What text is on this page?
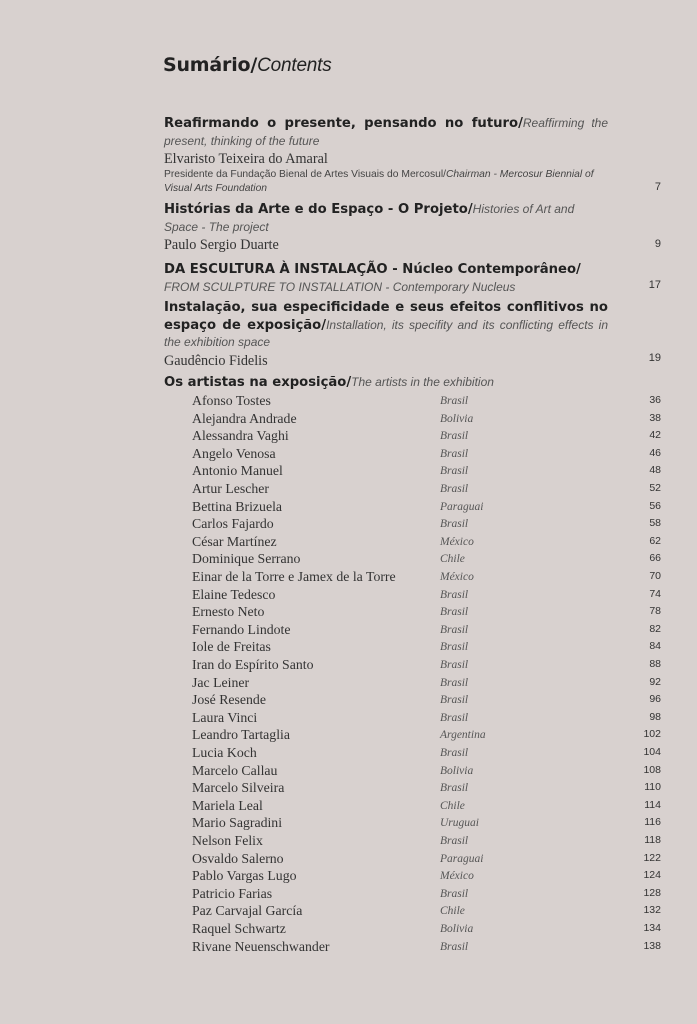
Sumário/Contents
Reafirmando o presente, pensando no futuro/Reaffirming the present, thinking of the future
Elvaristo Teixeira do Amaral
Presidente da Fundação Bienal de Artes Visuais do Mercosul/Chairman - Mercosur Biennial of Visual Arts Foundation	7
Histórias da Arte e do Espaço - O Projeto/Histories of Art and Space - The project
Paulo Sergio Duarte	9
DA ESCULTURA À INSTALAÇÃO - Núcleo Contemporâneo/
FROM SCULPTURE TO INSTALLATION - Contemporary Nucleus	17
Instalação, sua especificidade e seus efeitos conflitivos no espaço de exposição/Installation, its specifity and its conflicting effects in the exhibition space
Gaudêncio Fidelis	19
Os artistas na exposição/The artists in the exhibition
Afonso Tostes	Brasil	36
Alejandra Andrade	Bolivia	38
Alessandra Vaghi	Brasil	42
Angelo Venosa	Brasil	46
Antonio Manuel	Brasil	48
Artur Lescher	Brasil	52
Bettina Brizuela	Paraguai	56
Carlos Fajardo	Brasil	58
César Martínez	México	62
Dominique Serrano	Chile	66
Einar de la Torre e Jamex de la Torre	México	70
Elaine Tedesco	Brasil	74
Ernesto Neto	Brasil	78
Fernando Lindote	Brasil	82
Iole de Freitas	Brasil	84
Iran do Espírito Santo	Brasil	88
Jac Leiner	Brasil	92
José Resende	Brasil	96
Laura Vinci	Brasil	98
Leandro Tartaglia	Argentina	102
Lucia Koch	Brasil	104
Marcelo Callau	Bolivia	108
Marcelo Silveira	Brasil	110
Mariela Leal	Chile	114
Mario Sagradini	Uruguai	116
Nelson Felix	Brasil	118
Osvaldo Salerno	Paraguai	122
Pablo Vargas Lugo	México	124
Patricio Farias	Brasil	128
Paz Carvajal García	Chile	132
Raquel Schwartz	Bolivia	134
Rivane Neuenschwander	Brasil	138
